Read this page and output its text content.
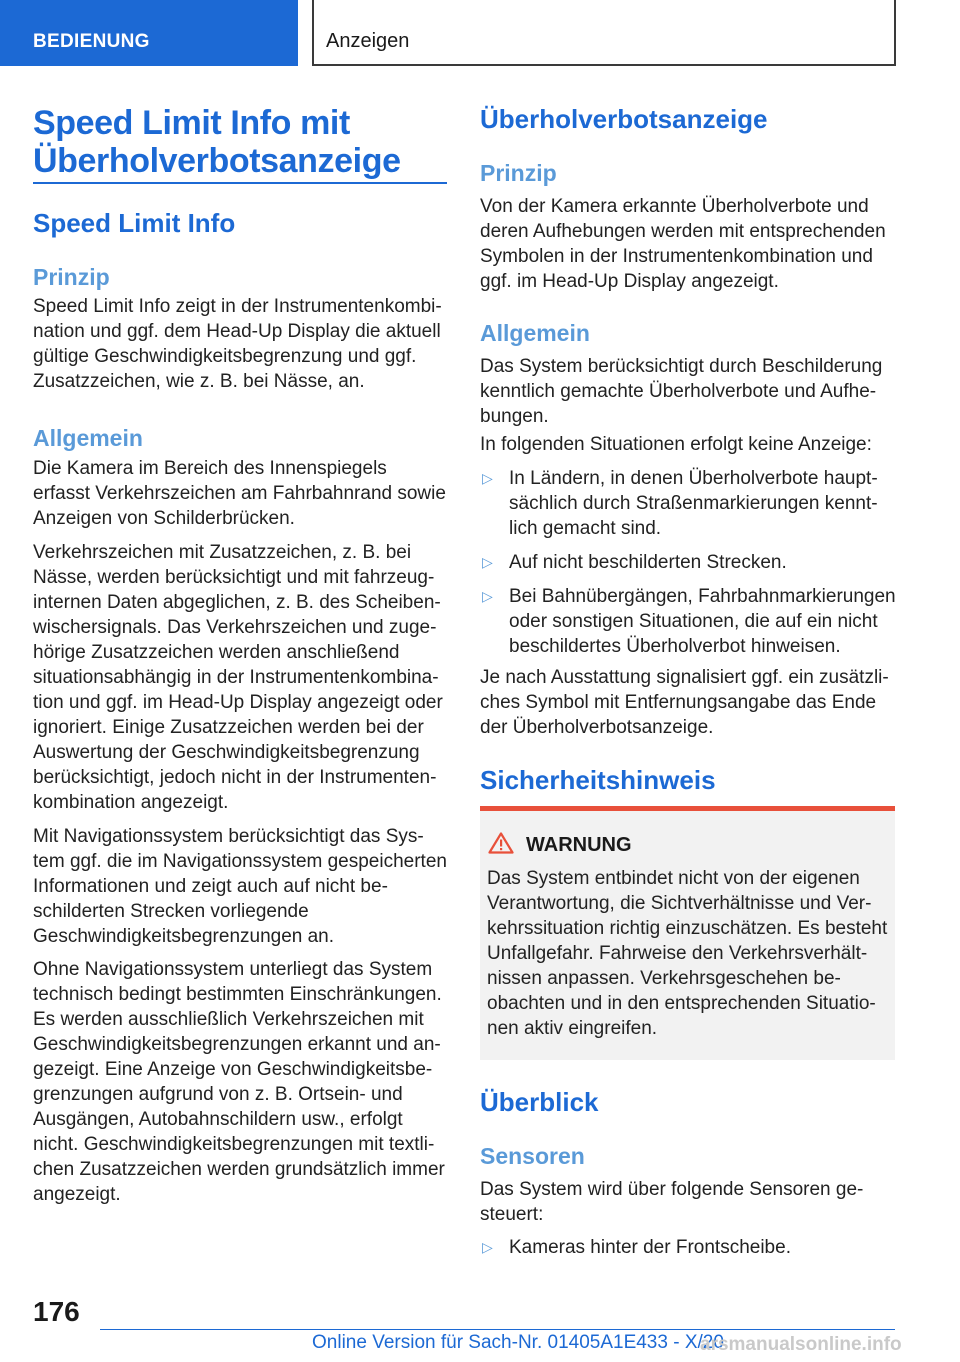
BEDIENUNG	Anzeigen
Speed Limit Info mit Überholverbotsanzeige
Speed Limit Info
Prinzip

Speed Limit Info zeigt in der Instrumentenkombination und ggf. dem Head-Up Display die aktuell gültige Geschwindigkeitsbegrenzung und ggf. Zusatzzeichen, wie z. B. bei Nässe, an.

Allgemein

Die Kamera im Bereich des Innenspiegels erfasst Verkehrszeichen am Fahrbahnrand sowie Anzeigen von Schilderbrücken.

Verkehrszeichen mit Zusatzzeichen, z. B. bei Nässe, werden berücksichtigt und mit fahrzeuginternen Daten abgeglichen, z. B. des Scheibenwischersignals. Das Verkehrszeichen und zugehörige Zusatzzeichen werden anschließend situationsabhängig in der Instrumentenkombination und ggf. im Head-Up Display angezeigt oder ignoriert. Einige Zusatzzeichen werden bei der Auswertung der Geschwindigkeitsbegrenzung berücksichtigt, jedoch nicht in der Instrumentenkombination angezeigt.

Mit Navigationssystem berücksichtigt das System ggf. die im Navigationssystem gespeicherten Informationen und zeigt auch auf nicht beschilderten Strecken vorliegende Geschwindigkeitsbegrenzungen an.

Ohne Navigationssystem unterliegt das System technisch bedingt bestimmten Einschränkungen. Es werden ausschließlich Verkehrszeichen mit Geschwindigkeitsbegrenzungen erkannt und angezeigt. Eine Anzeige von Geschwindigkeitsbegrenzungen aufgrund von z. B. Ortsein- und Ausgängen, Autobahnschildern usw., erfolgt nicht. Geschwindigkeitsbegrenzungen mit textlichen Zusatzzeichen werden grundsätzlich immer angezeigt.

Überholverbotsanzeige
Prinzip

Von der Kamera erkannte Überholverbote und deren Aufhebungen werden mit entsprechenden Symbolen in der Instrumentenkombination und ggf. im Head-Up Display angezeigt.

Allgemein

Das System berücksichtigt durch Beschilderung kenntlich gemachte Überholverbote und Aufhebungen.

In folgenden Situationen erfolgt keine Anzeige:

▷ In Ländern, in denen Überholverbote hauptsächlich durch Straßenmarkierungen kenntlich gemacht sind.
▷ Auf nicht beschilderten Strecken.
▷ Bei Bahnübergängen, Fahrbahnmarkierungen oder sonstigen Situationen, die auf ein nicht beschildertes Überholverbot hinweisen.

Je nach Ausstattung signalisiert ggf. ein zusätzliches Symbol mit Entfernungsangabe das Ende der Überholverbotsanzeige.

Sicherheitshinweis
WARNUNG

Das System entbindet nicht von der eigenen Verantwortung, die Sichtverhältnisse und Verkehrssituation richtig einzuschätzen. Es besteht Unfallgefahr. Fahrweise den Verkehrsverhältnissen anpassen. Verkehrsgeschehen beobachten und in den entsprechenden Situationen aktiv eingreifen.

Überblick
Sensoren

Das System wird über folgende Sensoren gesteuert:

▷ Kameras hinter der Frontscheibe.
176
Online Version für Sach-Nr. 01405A1E433 - X/20
arsmanualsonline.info
